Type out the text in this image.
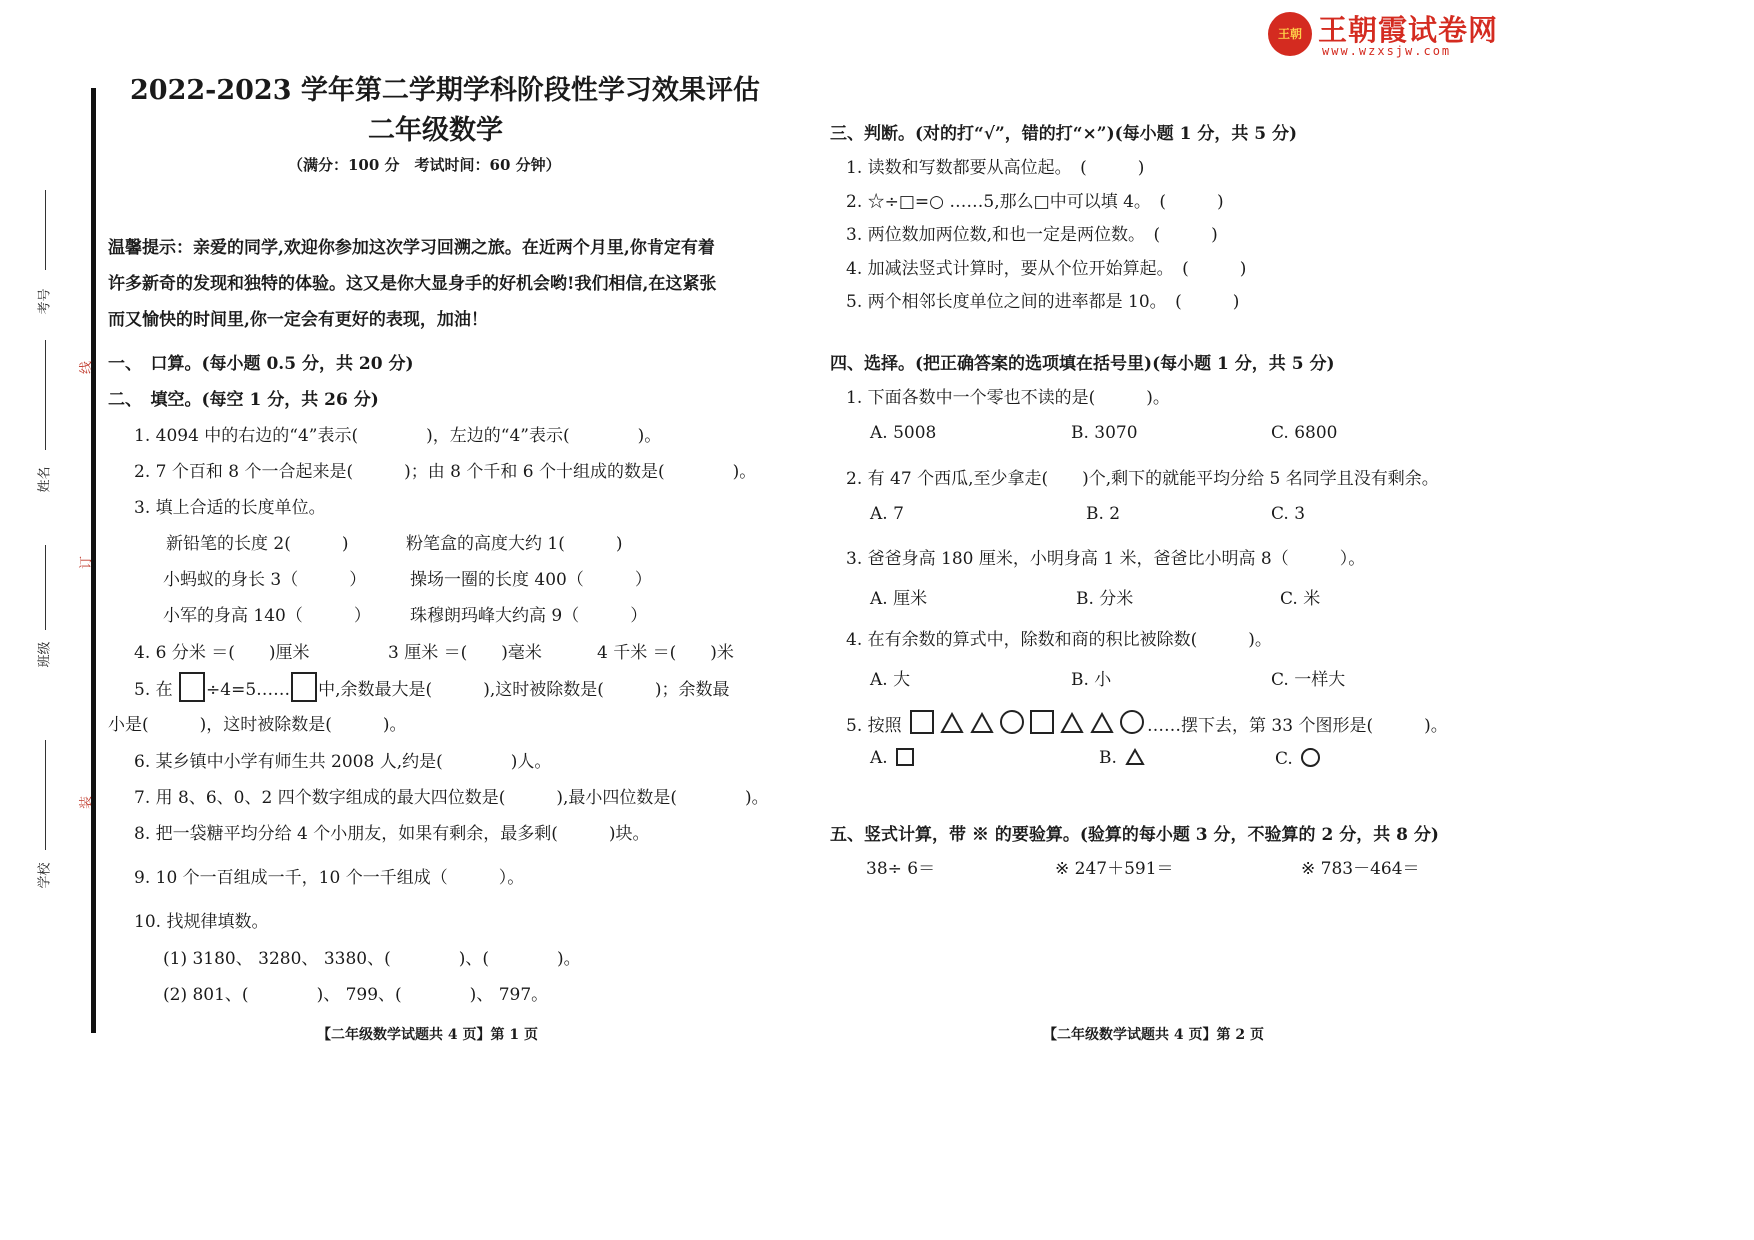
王朝 王朝霞试卷网
www.wzxsjw.com
考号
姓名
班级
学校
线
订
装
2022-2023 学年第二学期学科阶段性学习效果评估
二年级数学
（满分：100 分　考试时间：60 分钟）
温馨提示：亲爱的同学,欢迎你参加这次学习回溯之旅。在近两个月里,你肯定有着
许多新奇的发现和独特的体验。这又是你大显身手的好机会哟!我们相信,在这紧张
而又愉快的时间里,你一定会有更好的表现，加油！
一、　口算。(每小题 0.5 分，共 20 分)
二、　填空。(每空 1 分，共 26 分)
1. 4094 中的右边的“4”表示(　　　　)，左边的“4”表示(　　　　)。
2. 7 个百和 8 个一合起来是(　　　)；由 8 个千和 6 个十组成的数是(　　　　)。
3. 填上合适的长度单位。
新铅笔的长度 2(　　　)	粉笔盒的高度大约 1(　　　)
小蚂蚁的身长 3（　　　）	操场一圈的长度 400（　　　）
小军的身高 140（　　　） 珠穆朗玛峰大约高 9（　　　）
4. 6 分米 ＝(　　)厘米	3 厘米 ＝(　　)毫米	4 千米 ＝(　　)米
5. 在 ÷4=5…… 中,余数最大是(　　　),这时被除数是(　　　)；余数最
小是(　　　)，这时被除数是(　　　)。
6. 某乡镇中小学有师生共 2008 人,约是(　　　　)人。
7. 用 8、6、0、2 四个数字组成的最大四位数是(　　　),最小四位数是(　　　　)。
8. 把一袋糖平均分给 4 个小朋友，如果有剩余，最多剩(　　　)块。
9. 10 个一百组成一千，10 个一千组成（　　　）。
10. 找规律填数。
(1) 3180、 3280、 3380、(　　　　)、(　　　　)。
(2) 801、(　　　　)、 799、(　　　　)、 797。
【二年级数学试题共 4 页】第 1 页
三、判断。(对的打“√”，错的打“×”)(每小题 1 分，共 5 分)
1. 读数和写数都要从高位起。　(　　　)
2. ☆÷□=○ ……5,那么□中可以填 4。　(　　　)
3. 两位数加两位数,和也一定是两位数。　(　　　)
4. 加减法竖式计算时，要从个位开始算起。　(　　　)
5. 两个相邻长度单位之间的进率都是 10。　(　　　)
四、选择。(把正确答案的选项填在括号里)(每小题 1 分，共 5 分)
1. 下面各数中一个零也不读的是(　　　)。
A. 5008	B. 3070	C. 6800
2. 有 47 个西瓜,至少拿走(　　)个,剩下的就能平均分给 5 名同学且没有剩余。
A. 7	B. 2	C. 3
3. 爸爸身高 180 厘米，小明身高 1 米，爸爸比小明高 8（　　　）。
A. 厘米	B. 分米	C. 米
4. 在有余数的算式中，除数和商的积比被除数(　　　)。
A. 大	B. 小	C. 一样大
5. 按照	……摆下去，第 33 个图形是(　　　)。
A.	B.	C.
五、竖式计算，带 ※ 的要验算。(验算的每小题 3 分，不验算的 2 分，共 8 分)
38÷ 6＝	※ 247＋591＝	※ 783－464＝
【二年级数学试题共 4 页】第 2 页
